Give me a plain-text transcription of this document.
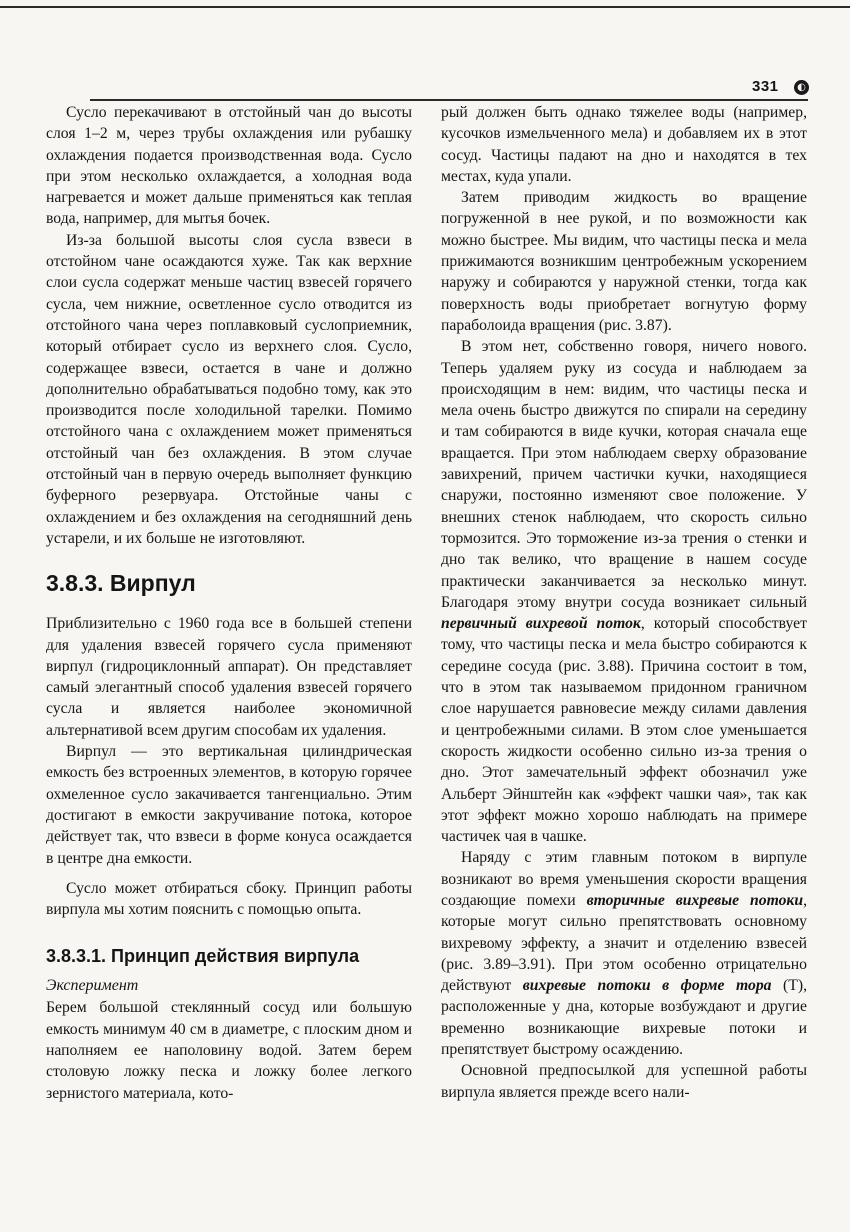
331	◐

Сусло перекачивают в отстойный чан до высоты слоя 1–2 м, через трубы охлаждения или рубашку охлаждения подается производственная вода. Сусло при этом несколько охлаждается, а холодная вода нагревается и может дальше применяться как теплая вода, например, для мытья бочек.

Из-за большой высоты слоя сусла взвеси в отстойном чане осаждаются хуже. Так как верхние слои сусла содержат меньше частиц взвесей горячего сусла, чем нижние, осветленное сусло отводится из отстойного чана через поплавковый суслоприемник, который отбирает сусло из верхнего слоя. Сусло, содержащее взвеси, остается в чане и должно дополнительно обрабатываться подобно тому, как это производится после холодильной тарелки. Помимо отстойного чана с охлаждением может применяться отстойный чан без охлаждения. В этом случае отстойный чан в первую очередь выполняет функцию буферного резервуара. Отстойные чаны с охлаждением и без охлаждения на сегодняшний день устарели, и их больше не изготовляют.

3.8.3. Вирпул

Приблизительно с 1960 года все в большей степени для удаления взвесей горячего сусла применяют вирпул (гидроциклонный аппарат). Он представляет самый элегантный способ удаления взвесей горячего сусла и является наиболее экономичной альтернативой всем другим способам их удаления.

Вирпул — это вертикальная цилиндрическая емкость без встроенных элементов, в которую горячее охмеленное сусло закачивается тангенциально. Этим достигают в емкости закручивание потока, которое действует так, что взвеси в форме конуса осаждается в центре дна емкости.

Сусло может отбираться сбоку. Принцип работы вирпула мы хотим пояснить с помощью опыта.

3.8.3.1. Принцип действия вирпула

Эксперимент

Берем большой стеклянный сосуд или большую емкость минимум 40 см в диаметре, с плоским дном и наполняем ее наполовину водой. Затем берем столовую ложку песка и ложку более легкого зернистого материала, кото-

рый должен быть однако тяжелее воды (например, кусочков измельченного мела) и добавляем их в этот сосуд. Частицы падают на дно и находятся в тех местах, куда упали.

Затем приводим жидкость во вращение погруженной в нее рукой, и по возможности как можно быстрее. Мы видим, что частицы песка и мела прижимаются возникшим центробежным ускорением наружу и собираются у наружной стенки, тогда как поверхность воды приобретает вогнутую форму параболоида вращения (рис. 3.87).

В этом нет, собственно говоря, ничего нового. Теперь удаляем руку из сосуда и наблюдаем за происходящим в нем: видим, что частицы песка и мела очень быстро движутся по спирали на середину и там собираются в виде кучки, которая сначала еще вращается. При этом наблюдаем сверху образование завихрений, причем частички кучки, находящиеся снаружи, постоянно изменяют свое положение. У внешних стенок наблюдаем, что скорость сильно тормозится. Это торможение из-за трения о стенки и дно так велико, что вращение в нашем сосуде практически заканчивается за несколько минут. Благодаря этому внутри сосуда возникает сильный первичный вихревой поток, который способствует тому, что частицы песка и мела быстро собираются к середине сосуда (рис. 3.88). Причина состоит в том, что в этом так называемом придонном граничном слое нарушается равновесие между силами давления и центробежными силами. В этом слое уменьшается скорость жидкости особенно сильно из-за трения о дно. Этот замечательный эффект обозначил уже Альберт Эйнштейн как «эффект чашки чая», так как этот эффект можно хорошо наблюдать на примере частичек чая в чашке.

Наряду с этим главным потоком в вирпуле возникают во время уменьшения скорости вращения создающие помехи вторичные вихревые потоки, которые могут сильно препятствовать основному вихревому эффекту, а значит и отделению взвесей (рис. 3.89–3.91). При этом особенно отрицательно действуют вихревые потоки в форме тора (Т), расположенные у дна, которые возбуждают и другие временно возникающие вихревые потоки и препятствует быстрому осаждению.

Основной предпосылкой для успешной работы вирпула является прежде всего нали-
